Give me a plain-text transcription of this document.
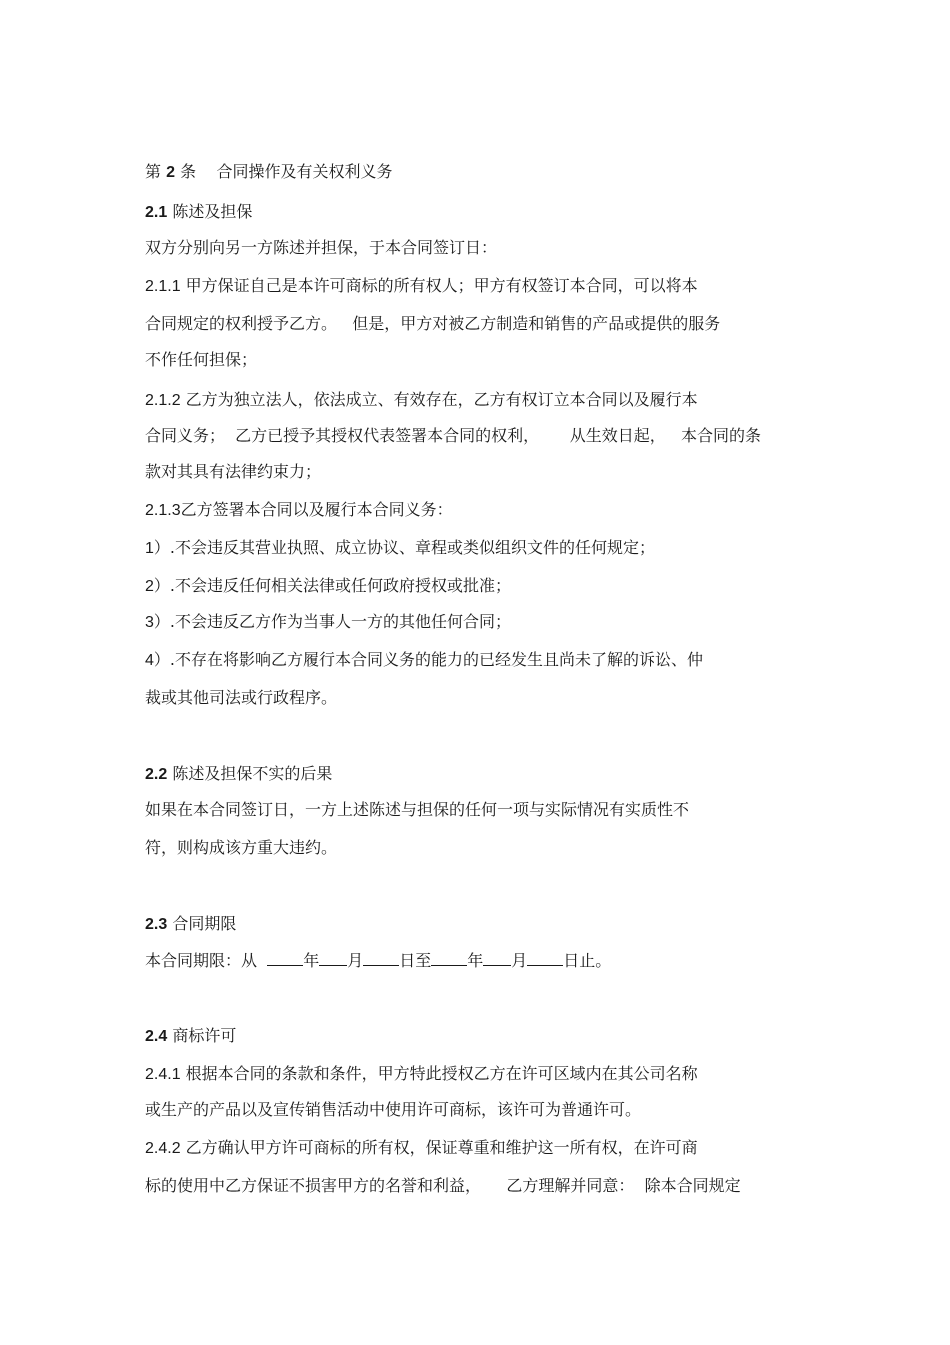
第 2 条 合同操作及有关权利义务
2.1 陈述及担保
双方分别向另一方陈述并担保，于本合同签订日：
2.1.1 甲方保证自己是本许可商标的所有权人；甲方有权签订本合同，可以将本
合同规定的权利授予乙方。   但是，甲方对被乙方制造和销售的产品或提供的服务
不作任何担保；
2.1.2 乙方为独立法人，依法成立、有效存在，乙方有权订立本合同以及履行本
合同义务；  乙方已授予其授权代表签署本合同的权利，      从生效日起，   本合同的条
款对其具有法律约束力；
2.1.3乙方签署本合同以及履行本合同义务：
1）.不会违反其营业执照、成立协议、章程或类似组织文件的任何规定；
2）.不会违反任何相关法律或任何政府授权或批准；
3）.不会违反乙方作为当事人一方的其他任何合同；
4）.不存在将影响乙方履行本合同义务的能力的已经发生且尚未了解的诉讼、仲
裁或其他司法或行政程序。
2.2 陈述及担保不实的后果
如果在本合同签订日，一方上述陈述与担保的任何一项与实际情况有实质性不
符，则构成该方重大违约。
2.3 合同期限
本合同期限：从	年 月 日至 年 月 日止。
2.4 商标许可
2.4.1 根据本合同的条款和条件，甲方特此授权乙方在许可区域内在其公司名称
或生产的产品以及宣传销售活动中使用许可商标，该许可为普通许可。
2.4.2 乙方确认甲方许可商标的所有权，保证尊重和维护这一所有权，在许可商
标的使用中乙方保证不损害甲方的名誉和利益，     乙方理解并同意：  除本合同规定
